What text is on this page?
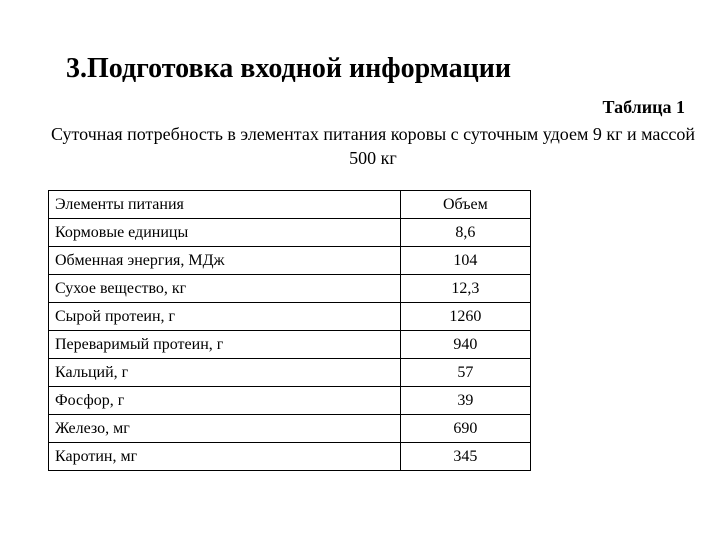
3.Подготовка входной информации
Таблица 1
Суточная потребность в элементах питания коровы с суточным удоем 9 кг и массой 500 кг
Элементы питания	Объем
Кормовые единицы	8,6
Обменная энергия, МДж	104
Сухое вещество, кг	12,3
Сырой протеин, г	1260
Переваримый протеин, г	940
Кальций, г	57
Фосфор, г	39
Железо, мг	690
Каротин, мг	345
